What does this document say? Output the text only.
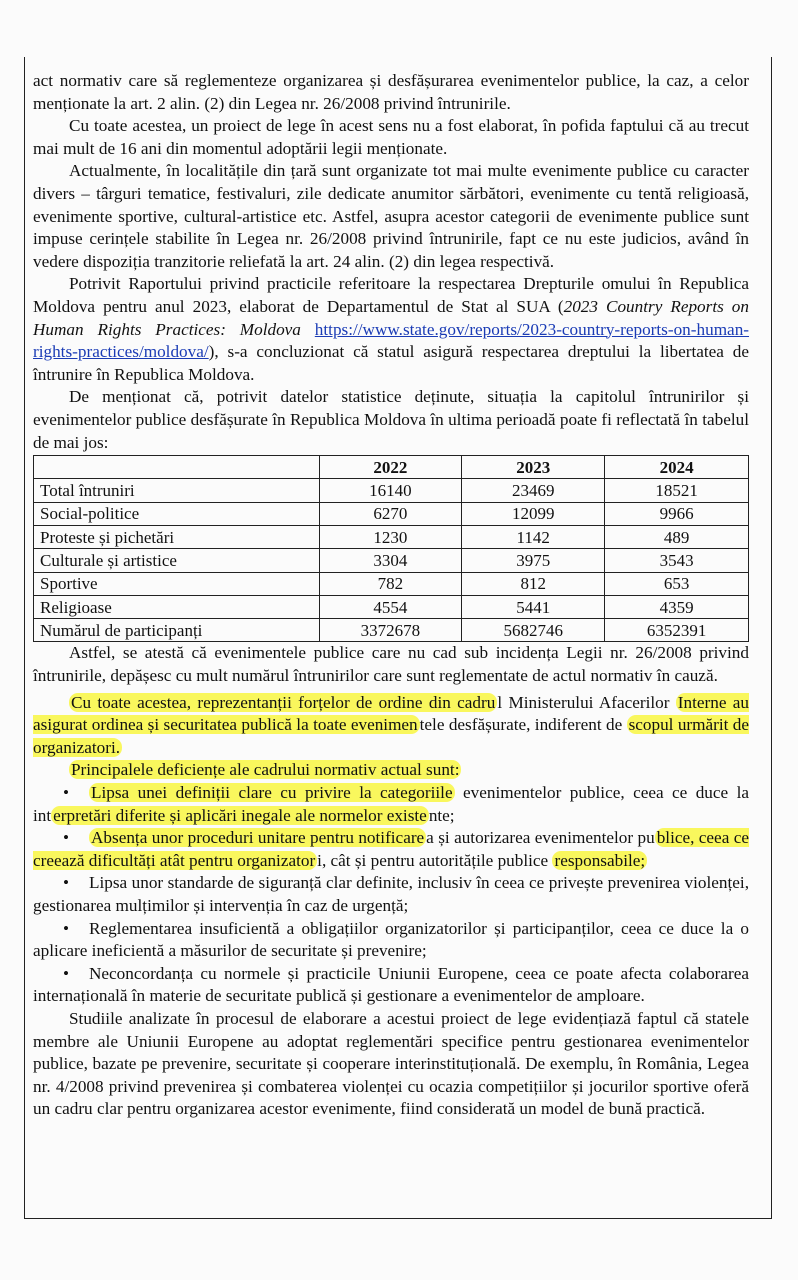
act normativ care să reglementeze organizarea și desfășurarea evenimentelor publice, la caz, a celor menționate la art. 2 alin. (2) din Legea nr. 26/2008 privind întrunirile.

Cu toate acestea, un proiect de lege în acest sens nu a fost elaborat, în pofida faptului că au trecut mai mult de 16 ani din momentul adoptării legii menționate.

Actualmente, în localitățile din țară sunt organizate tot mai multe evenimente publice cu caracter divers – târguri tematice, festivaluri, zile dedicate anumitor sărbători, evenimente cu tentă religioasă, evenimente sportive, cultural-artistice etc. Astfel, asupra acestor categorii de evenimente publice sunt impuse cerințele stabilite în Legea nr. 26/2008 privind întrunirile, fapt ce nu este judicios, având în vedere dispoziția tranzitorie reliefată la art. 24 alin. (2) din legea respectivă.

Potrivit Raportului privind practicile referitoare la respectarea Drepturile omului în Republica Moldova pentru anul 2023, elaborat de Departamentul de Stat al SUA (2023 Country Reports on Human Rights Practices: Moldova https://www.state.gov/reports/2023-country-reports-on-human-rights-practices/moldova/), s-a concluzionat că statul asigură respectarea dreptului la libertatea de întrunire în Republica Moldova.

De menționat că, potrivit datelor statistice deținute, situația la capitolul întrunirilor și evenimentelor publice desfășurate în Republica Moldova în ultima perioadă poate fi reflectată în tabelul de mai jos:

	2022	2023	2024
Total întruniri	16140	23469	18521
Social-politice	6270	12099	9966
Proteste și pichetări	1230	1142	489
Culturale și artistice	3304	3975	3543
Sportive	782	812	653
Religioase	4554	5441	4359
Numărul de participanți	3372678	5682746	6352391

Astfel, se atestă că evenimentele publice care nu cad sub incidența Legii nr. 26/2008 privind întrunirile, depășesc cu mult numărul întrunirilor care sunt reglementate de actul normativ în cauză.

Cu toate acestea, reprezentanții forțelor de ordine din cadru l Ministerului Afacerilor Interne au asigurat ordinea și securitatea publică la toate evenimen tele desfășurate, indiferent de scopul urmărit de organizatori.

Principalele deficiențe ale cadrului normativ actual sunt:

• Lipsa unei definiții clare cu privire la categoriile evenimentelor publice, ceea ce duce la int erpretări diferite și aplicări inegale ale normelor existe nte;

• Absența unor proceduri unitare pentru notificare a și autorizarea evenimentelor pu blice, ceea ce creează dificultăți atât pentru organizator i, cât și pentru autoritățile publice responsabile;

• Lipsa unor standarde de siguranță clar definite, inclusiv în ceea ce privește prevenirea violenței, gestionarea mulțimilor și intervenția în caz de urgență;

• Reglementarea insuficientă a obligațiilor organizatorilor și participanților, ceea ce duce la o aplicare ineficientă a măsurilor de securitate și prevenire;

• Neconcordanța cu normele și practicile Uniunii Europene, ceea ce poate afecta colaborarea internațională în materie de securitate publică și gestionare a evenimentelor de amploare.

Studiile analizate în procesul de elaborare a acestui proiect de lege evidențiază faptul că statele membre ale Uniunii Europene au adoptat reglementări specifice pentru gestionarea evenimentelor publice, bazate pe prevenire, securitate și cooperare interinstituțională. De exemplu, în România, Legea nr. 4/2008 privind prevenirea și combaterea violenței cu ocazia competițiilor și jocurilor sportive oferă un cadru clar pentru organizarea acestor evenimente, fiind considerată un model de bună practică.
